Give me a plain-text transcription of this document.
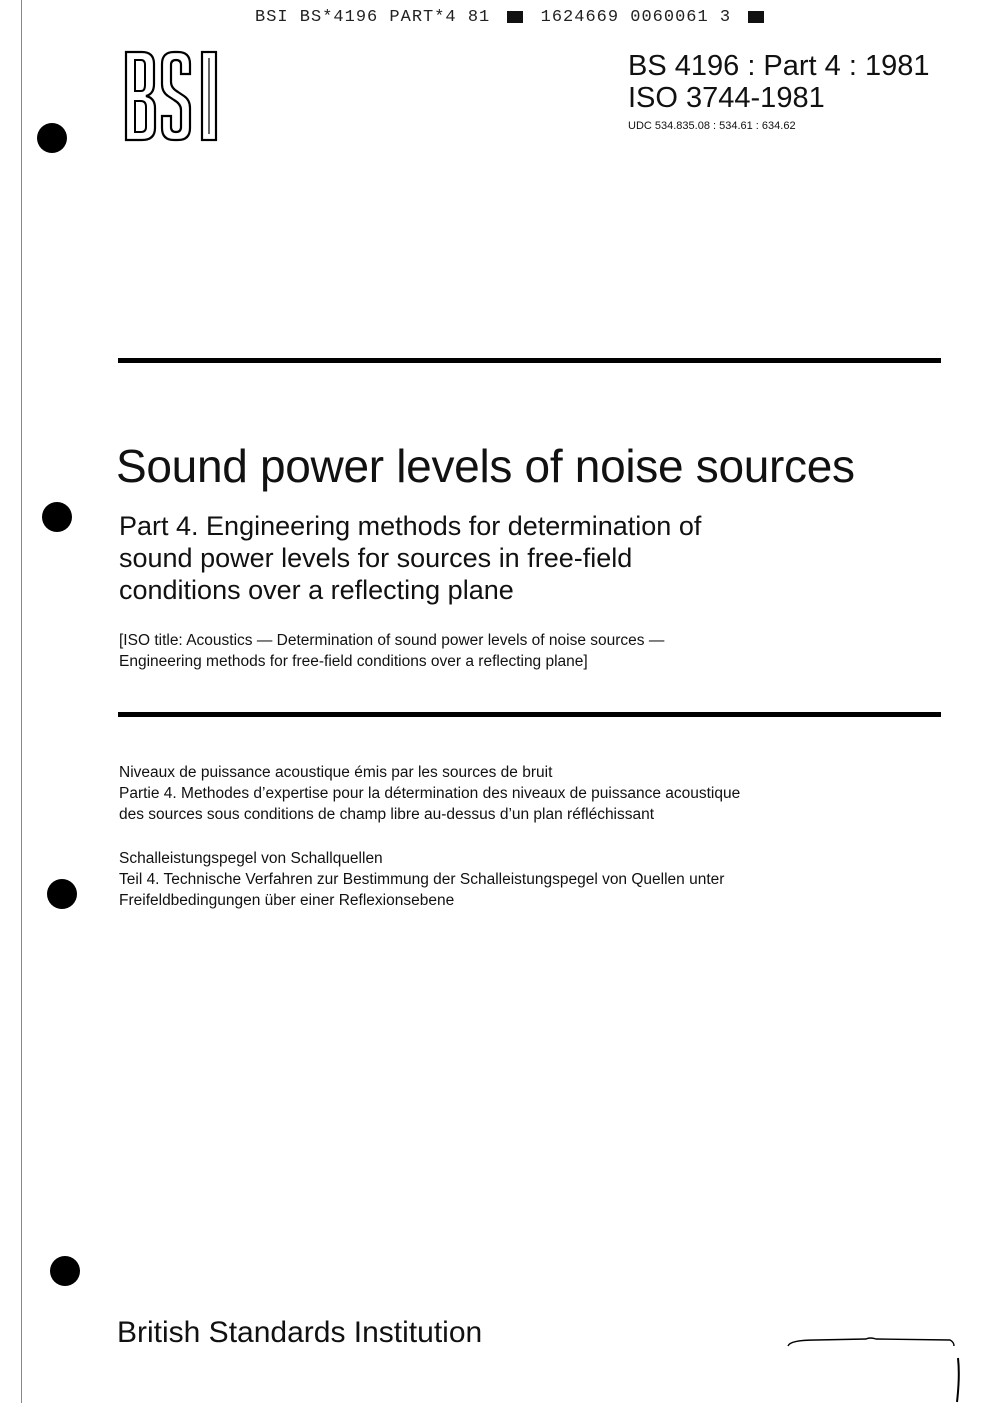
BSI BS*4196 PART*4 81	1624669 0060061 3
BS 4196 : Part 4 : 1981
ISO 3744-1981
UDC 534.835.08 : 534.61 : 634.62
Sound power levels of noise sources
Part 4. Engineering methods for determination of
sound power levels for sources in free-field
conditions over a reflecting plane
[ISO title: Acoustics — Determination of sound power levels of noise sources —
Engineering methods for free-field conditions over a reflecting plane]
Niveaux de puissance acoustique émis par les sources de bruit
Partie 4. Methodes d’expertise pour la détermination des niveaux de puissance acoustique
des sources sous conditions de champ libre au-dessus d’un plan réfléchissant
Schalleistungspegel von Schallquellen
Teil 4. Technische Verfahren zur Bestimmung der Schalleistungspegel von Quellen unter
Freifeldbedingungen über einer Reflexionsebene
British Standards Institution
